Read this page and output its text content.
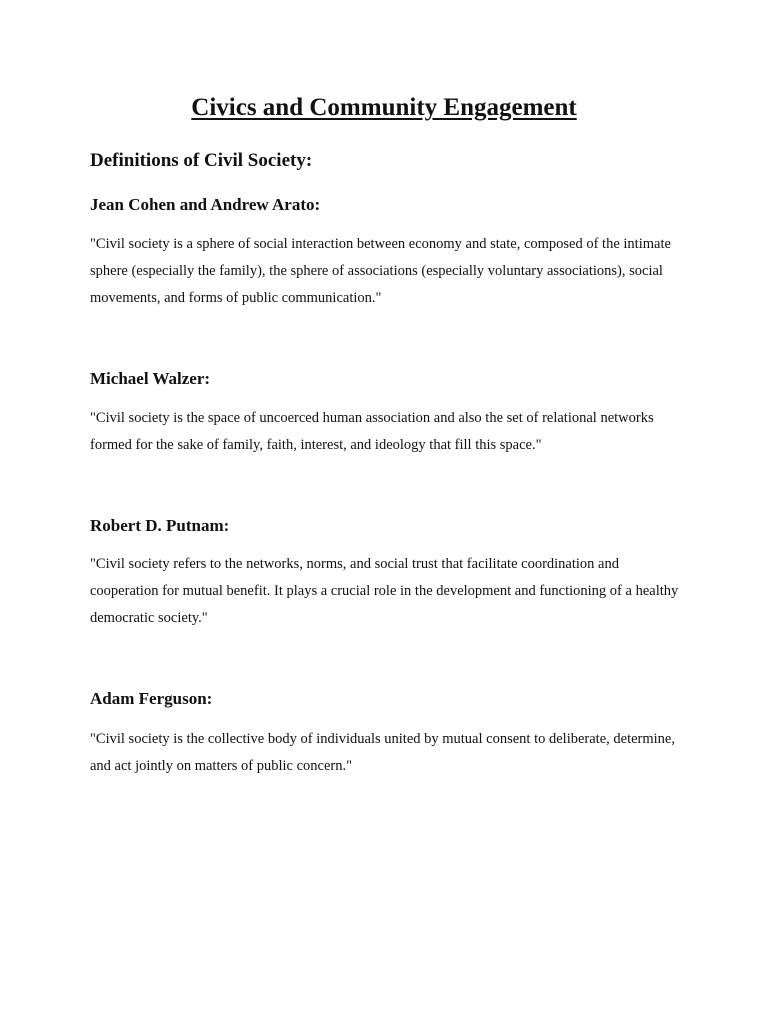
Civics and Community Engagement
Definitions of Civil Society:
Jean Cohen and Andrew Arato:

"Civil society is a sphere of social interaction between economy and state, composed of the intimate sphere (especially the family), the sphere of associations (especially voluntary associations), social movements, and forms of public communication."

Michael Walzer:

"Civil society is the space of uncoerced human association and also the set of relational networks formed for the sake of family, faith, interest, and ideology that fill this space."

Robert D. Putnam:

"Civil society refers to the networks, norms, and social trust that facilitate coordination and cooperation for mutual benefit. It plays a crucial role in the development and functioning of a healthy democratic society."

Adam Ferguson:

"Civil society is the collective body of individuals united by mutual consent to deliberate, determine, and act jointly on matters of public concern."
